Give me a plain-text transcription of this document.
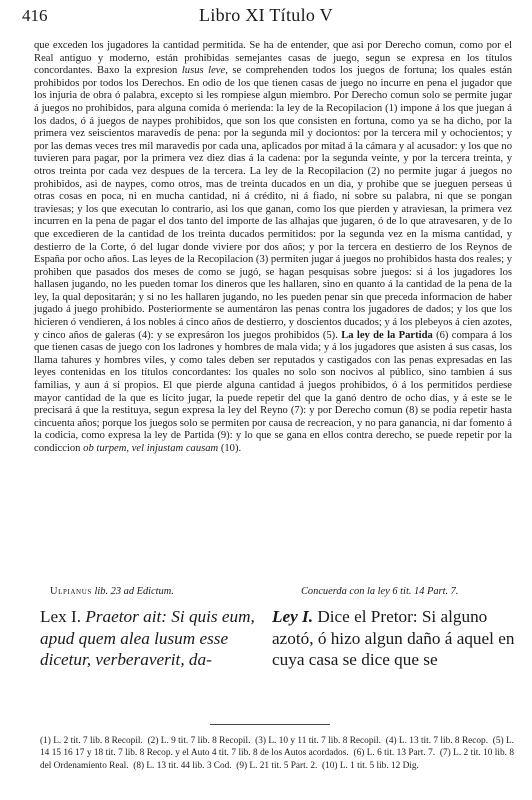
416	Libro XI Título V
que exceden los jugadores la cantidad permitida. Se ha de entender, que asi por Derecho comun, como por el Real antiguo y moderno, están prohibidas semejantes casas de juego, segun se expresa en los títulos concordantes. Baxo la expresion lusus leve, se comprehenden todos los juegos de fortuna; los quales están prohibidos por todos los Derechos. En odio de los que tienen casas de juego no incurre en pena el jugador que los injuria de obra ó palabra, excepto si les rompiese algun miembro. Por Derecho comun solo se permite jugar á juegos no prohibidos, para alguna comida ó merienda: la ley de la Recopilacion (1) impone á los que juegan á los dados, ó á juegos de naypes prohibidos, que son los que consisten en fortuna, como ya se ha dicho, por la primera vez seiscientos maravedís de pena: por la segunda mil y dociontos: por la tercera mil y ochocientos; y por las demas veces tres mil maravedis por cada una, aplicados por mitad á la cámara y al acusador: y los que no tuvieren para pagar, por la primera vez diez dias á la cadena: por la segunda veinte, y por la tercera treinta, y otros treinta por cada vez despues de la tercera. La ley de la Recopilacion (2) no permite jugar á juegos no prohibidos, asi de naypes, como otros, mas de treinta ducados en un dia, y prohibe que se jueguen perseas ú otras cosas en poca, ni en mucha cantidad, ni á crédito, ni á fiado, ni sobre su palabra, ni que se pongan traviesas; y los que executan lo contrario, asi los que ganan, como los que pierden y atraviesan, la primera vez incurren en la pena de pagar el dos tanto del importe de las alhajas que jugaren, ó de lo que atravesaren, y de lo que excedieren de la cantidad de los treinta ducados permitidos: por la segunda vez en la misma cantidad, y destierro de la Corte, ó del lugar donde viviere por dos años; y por la tercera en destierro de los Reynos de España por ocho años. Las leyes de la Recopilacion (3) permiten jugar á juegos no prohibidos hasta dos reales; y prohiben que pasados dos meses de como se jugó, se hagan pesquisas sobre juegos: si á los jugadores los hallasen jugando, no les pueden tomar los dineros que les hallaren, sino en quanto á la cantidad de la pena de la ley, la qual depositarán; y si no les hallaren jugando, no les pueden penar sin que preceda informacion de haber jugado á juego prohibido. Posteriormente se aumentáron las penas contra los jugadores de dados; y los que los hicieren ó vendieren, á los nobles á cinco años de destierro, y doscientos ducados; y á los plebeyos á cien azotes, y cinco años de galeras (4): y se expresáron los juegos prohibidos (5). La ley de la Partida (6) compara á los que tienen casas de juego con los ladrones y hombres de mala vida; y á los jugadores que asisten á sus casas, los llama tahures y hombres viles, y como tales deben ser reputados y castigados con las penas expresadas en las leyes contenidas en los títulos concordantes: los quales no solo son nocivos al público, sino tambien á sus familias, y aun á sí propios. El que pierde alguna cantidad á juegos prohibidos, ó á los permitidos perdiese mayor cantidad de la que es lícito jugar, la puede repetir del que la ganó dentro de ocho dias, y á este se le precisará á que la restituya, segun expresa la ley del Reyno (7): y por Derecho comun (8) se podia repetir hasta cincuenta años; porque los juegos solo se permiten por causa de recreacion, y no para ganancia, ni dar fomento á la codicia, como expresa la ley de Partida (9): y lo que se gana en ellos contra derecho, se puede repetir por la condiccion ob turpem, vel injustam causam (10).
Ulpianus lib. 23 ad Edictum.	Concuerda con la ley 6 tit. 14 Part. 7.
Lex I. Praetor ait: Si quis eum, apud quem alea lusum esse dicetur, verberaverit, da-
Ley I. Dice el Pretor: Si alguno azotó, ó hizo algun daño á aquel en cuya casa se dice que se
(1) L. 2 tit. 7 lib. 8 Recopil. (2) L. 9 tit. 7 lib. 8 Recopil. (3) L. 10 y 11 tit. 7 lib. 8 Recopil. (4) L. 13 tit. 7 lib. 8 Recop. (5) L. 14 15 16 17 y 18 tit. 7 lib. 8 Recop. y el Auto 4 tit. 7 lib. 8 de los Autos acordados. (6) L. 6 tit. 13 Part. 7. (7) L. 2 tit. 10 lib. 8 del Ordenamiento Real. (8) L. 13 tit. 44 lib. 3 Cod. (9) L. 21 tit. 5 Part. 2. (10) L. 1 tit. 5 lib. 12 Dig.
